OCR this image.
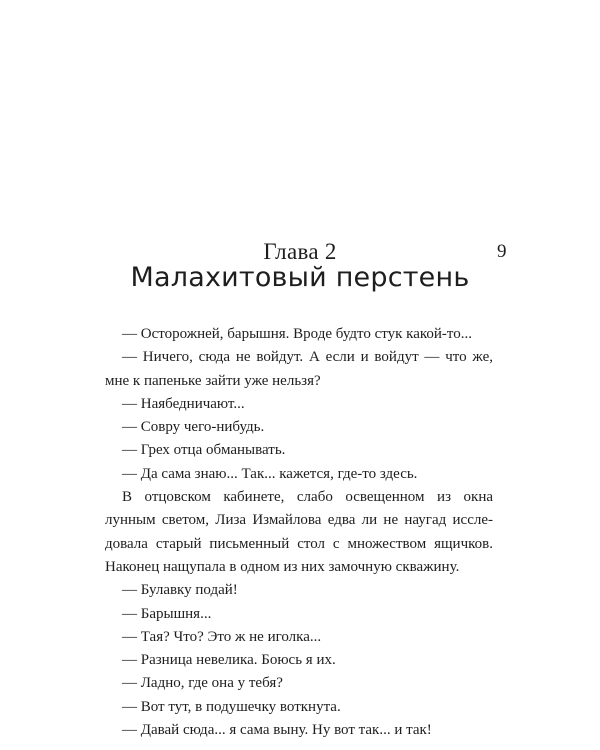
9
Глава 2
Малахитовый перстень
— Осторожней, барышня. Вроде будто стук какой-то...
— Ничего, сюда не войдут. А если и войдут — что же,
мне к папеньке зайти уже нельзя?
— Наябедничают...
— Совру чего-нибудь.
— Грех отца обманывать.
— Да сама знаю... Так... кажется, где-то здесь.
В отцовском кабинете, слабо освещенном из окна
лунным светом, Лиза Измайлова едва ли не наугад иссле-
довала старый письменный стол с множеством ящичков.
Наконец нащупала в одном из них замочную скважину.
— Булавку подай!
— Барышня...
— Тая? Что? Это ж не иголка...
— Разница невелика. Боюсь я их.
— Ладно, где она у тебя?
— Вот тут, в подушечку воткнута.
— Давай сюда... я сама выну. Ну вот так... и так!
